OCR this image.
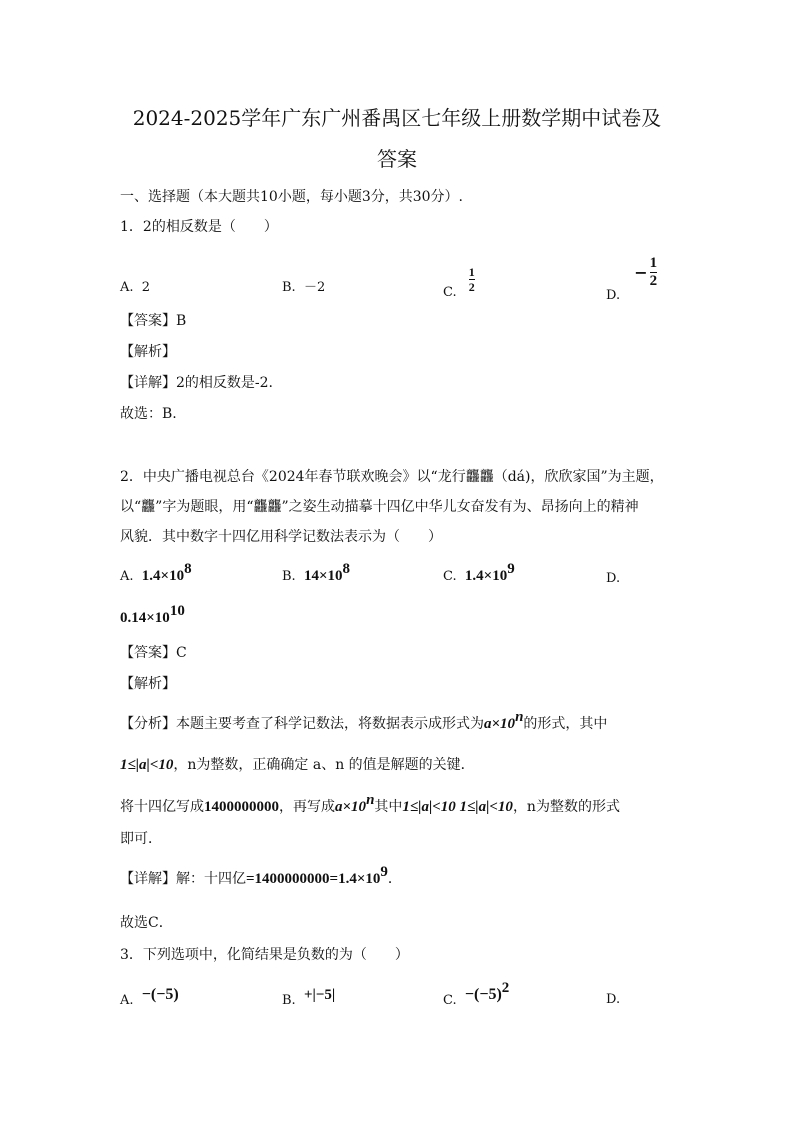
2024-2025学年广东广州番禺区七年级上册数学期中试卷及
答案
一、选择题（本大题共10小题，每小题3分，共30分）.
1．2的相反数是（　　）
A. 2	B. －2	C. $\frac{1}{2}$
D. − $\frac{1}{2}$
【答案】B
【解析】
【详解】2的相反数是-2.
故选：B.
2．中央广播电视总台《2024年春节联欢晚会》以“龙行龘龘（dá)，欣欣家国”为主题，
以“龘”字为题眼，用“龘龘”之姿生动描摹十四亿中华儿女奋发有为、昂扬向上的精神
风貌．其中数字十四亿用科学记数法表示为（　　）
A. $1.4\times 10^8$	B. $14\times 10^8$	C. $1.4\times 10^9$
D.
$0.14\times 10^{10}$
【答案】C
【解析】
【分析】本题主要考查了科学记数法，将数据表示成形式为$a\times 10^n$的形式，其中
1≤|a|<10，n为整数，正确确定 a、n 的值是解题的关键．
将十四亿写成1400000000，再写成$a\times 10^n$其中1≤|a|<10 1≤|a|<10，n为整数的形式
即可．
【详解】解：十四亿$=1400000000=1.4\times 10^9$．
故选C．
3．下列选项中，化简结果是负数的为（　　）
A. −(−5)	B. +|−5|	C. $-(-5)^2$
D.
